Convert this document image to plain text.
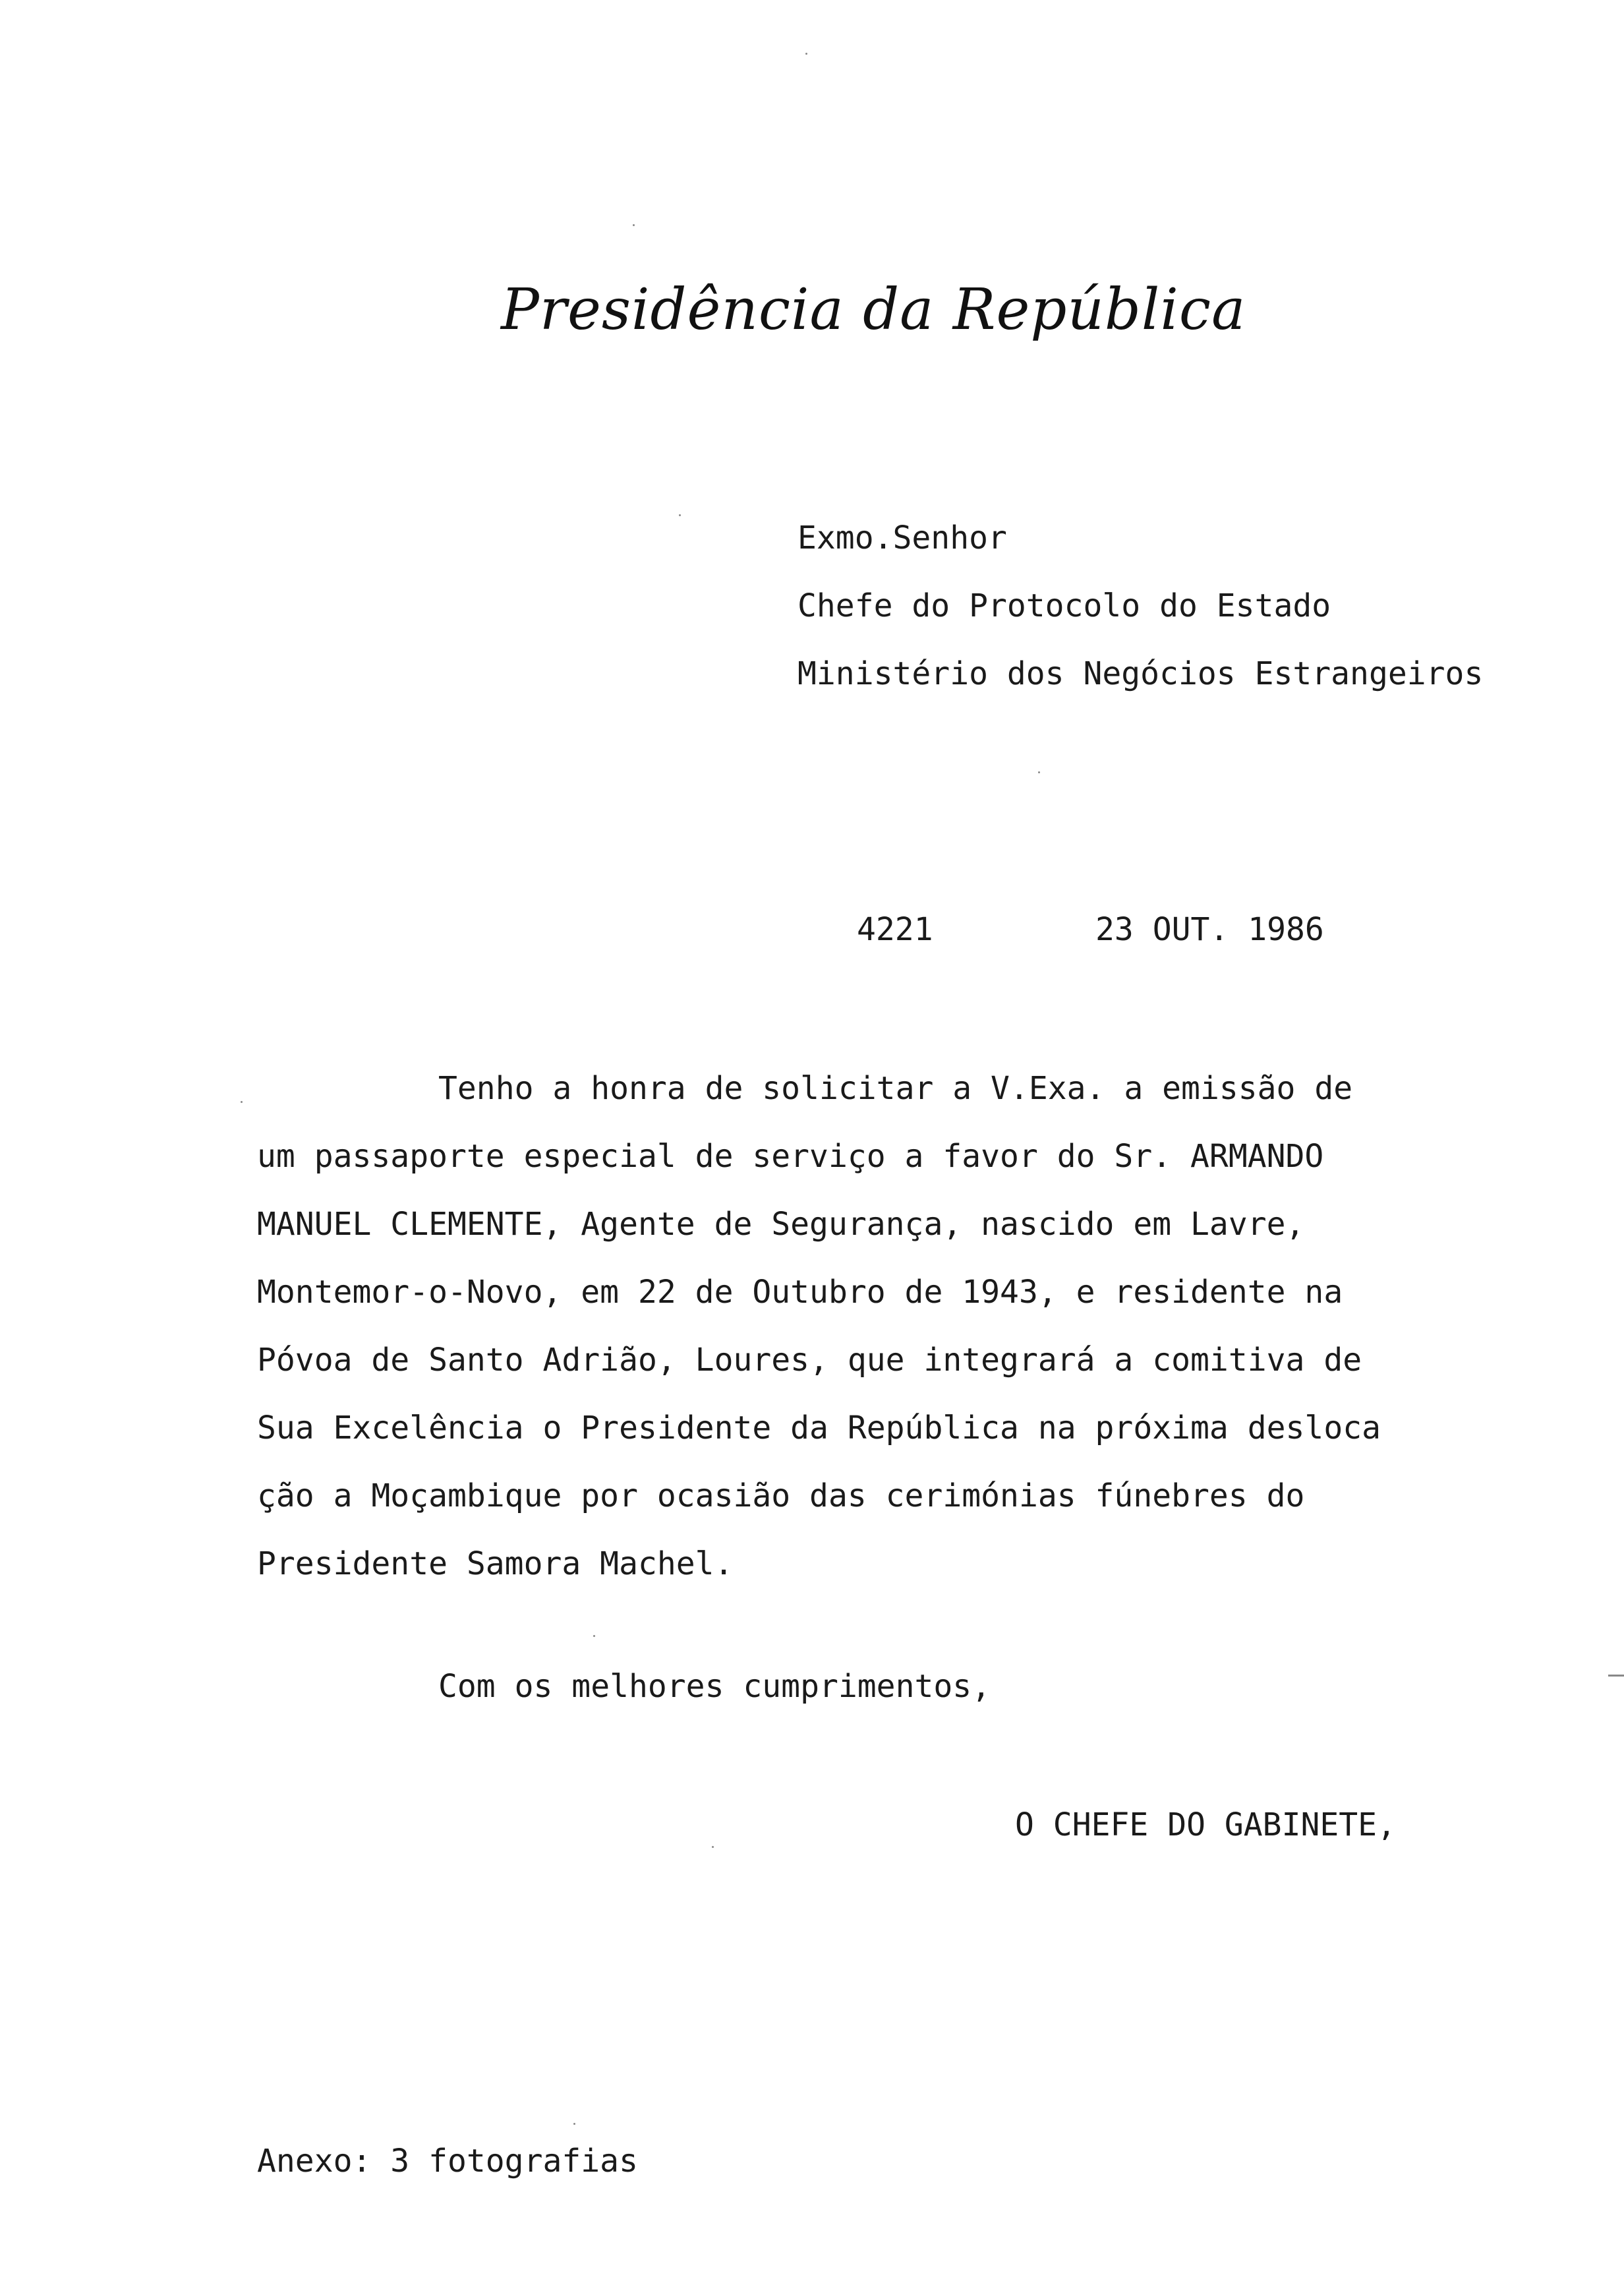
Presidência da República
Exmo.Senhor
Chefe do Protocolo do Estado
Ministério dos Negócios Estrangeiros
4221	23 OUT. 1986
Tenho a honra de solicitar a V.Exa. a emissão de
um passaporte especial de serviço a favor do Sr. ARMANDO
MANUEL CLEMENTE, Agente de Segurança, nascido em Lavre,
Montemor-o-Novo, em 22 de Outubro de 1943, e residente na
Póvoa de Santo Adrião, Loures, que integrará a comitiva de
Sua Excelência o Presidente da República na próxima desloca
ção a Moçambique por ocasião das cerimónias fúnebres do
Presidente Samora Machel.
Com os melhores cumprimentos,
O CHEFE DO GABINETE,
Anexo: 3 fotografias
